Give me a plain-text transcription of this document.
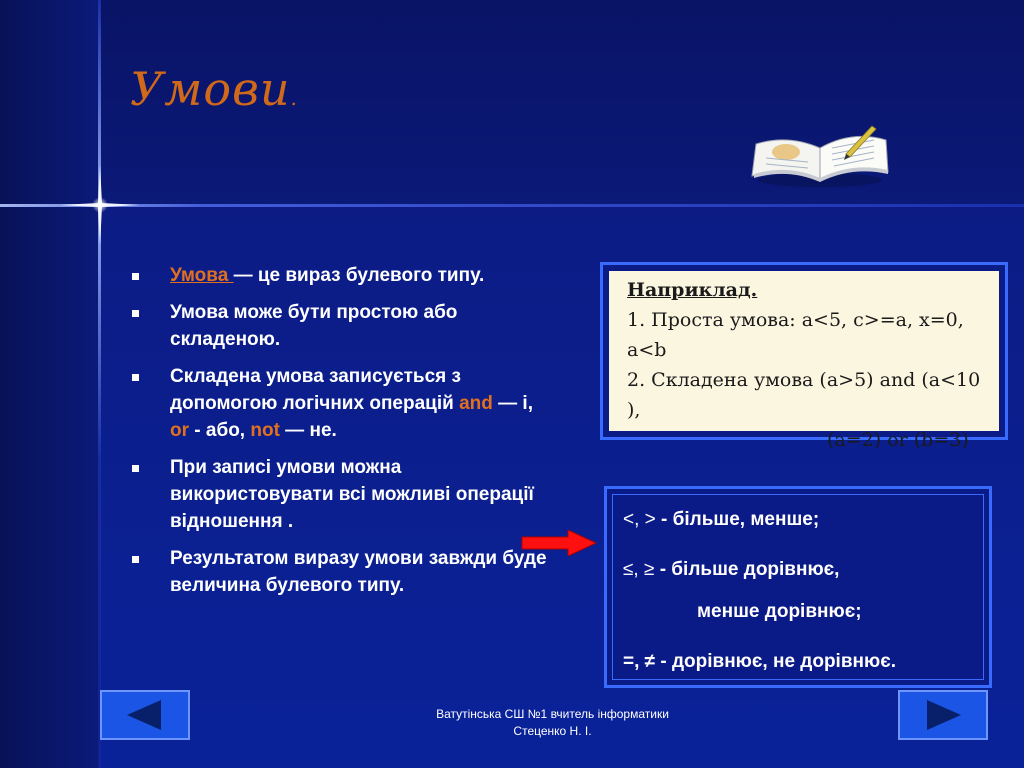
Умови.
Умова — це вираз булевого типу.
Умова може бути простою або складеною.
Складена умова записується з допомогою логічних операцій and — і, or - або, not — не.
При записі умови можна використовувати всі можливі операції відношення .
Результатом виразу умови завжди буде величина булевого типу.
Наприклад.
1. Проста умова: a<5, c>=a, x=0, a<b
2. Складена умова (a>5) and (a<10 ),
(a=2) or (b=3)
<, > - більше, менше;
≤, ≥ - більше дорівнює,
менше дорівнює;
=, ≠ - дорівнює, не дорівнює.
Ватутінська СШ №1 вчитель інформатики
Стеценко Н. І.
